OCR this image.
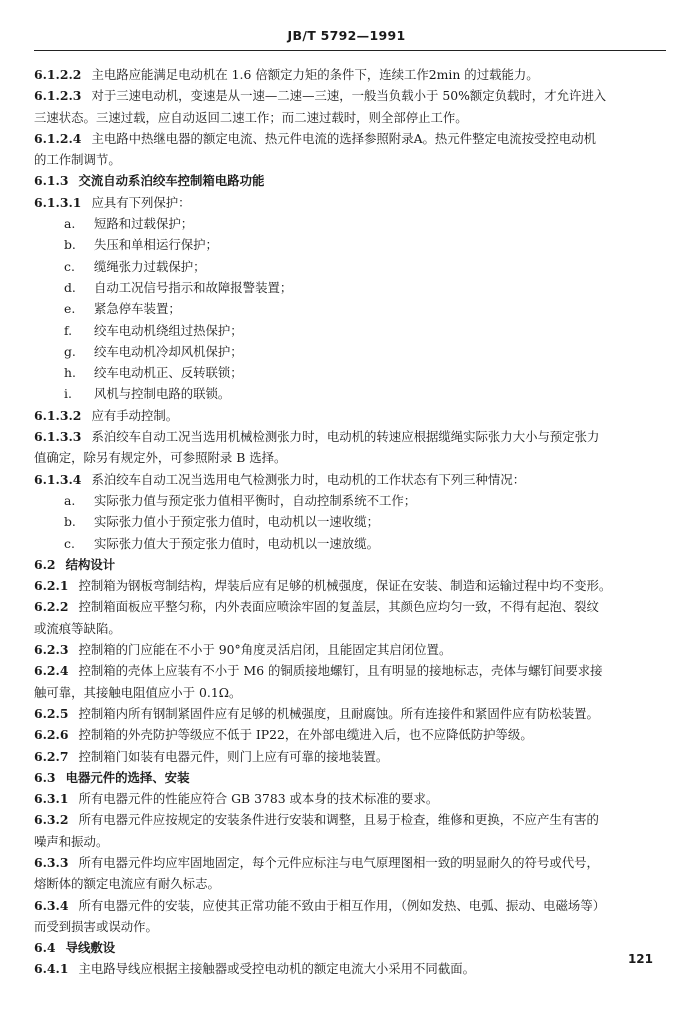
JB/T 5792—1991
6.1.2.2 主电路应能满足电动机在 1.6 倍额定力矩的条件下，连续工作2min 的过载能力。
6.1.2.3 对于三速电动机，变速是从一速—二速—三速，一般当负载小于 50%额定负载时，才允许进入
三速状态。三速过载，应自动返回二速工作；而二速过载时，则全部停止工作。
6.1.2.4 主电路中热继电器的额定电流、热元件电流的选择参照附录A。热元件整定电流按受控电动机
的工作制调节。
6.1.3 交流自动系泊绞车控制箱电路功能
6.1.3.1 应具有下列保护：
a. 短路和过载保护；
b. 失压和单相运行保护；
c. 缆绳张力过载保护；
d. 自动工况信号指示和故障报警装置；
e. 紧急停车装置；
f. 绞车电动机绕组过热保护；
g. 绞车电动机冷却风机保护；
h. 绞车电动机正、反转联锁；
i. 风机与控制电路的联锁。
6.1.3.2 应有手动控制。
6.1.3.3 系泊绞车自动工况当选用机械检测张力时，电动机的转速应根据缆绳实际张力大小与预定张力
值确定，除另有规定外，可参照附录 B 选择。
6.1.3.4 系泊绞车自动工况当选用电气检测张力时，电动机的工作状态有下列三种情况：
a. 实际张力值与预定张力值相平衡时，自动控制系统不工作；
b. 实际张力值小于预定张力值时，电动机以一速收缆；
c. 实际张力值大于预定张力值时，电动机以一速放缆。
6.2 结构设计
6.2.1 控制箱为钢板弯制结构，焊装后应有足够的机械强度，保证在安装、制造和运输过程中均不变形。
6.2.2 控制箱面板应平整匀称，内外表面应喷涂牢固的复盖层，其颜色应均匀一致，不得有起泡、裂纹
或流痕等缺陷。
6.2.3 控制箱的门应能在不小于 90°角度灵活启闭，且能固定其启闭位置。
6.2.4 控制箱的壳体上应装有不小于 M6 的铜质接地螺钉，且有明显的接地标志，壳体与螺钉间要求接
触可靠，其接触电阻值应小于 0.1Ω。
6.2.5 控制箱内所有钢制紧固件应有足够的机械强度，且耐腐蚀。所有连接件和紧固件应有防松装置。
6.2.6 控制箱的外壳防护等级应不低于 IP22，在外部电缆进入后，也不应降低防护等级。
6.2.7 控制箱门如装有电器元件，则门上应有可靠的接地装置。
6.3 电器元件的选择、安装
6.3.1 所有电器元件的性能应符合 GB 3783 或本身的技术标准的要求。
6.3.2 所有电器元件应按规定的安装条件进行安装和调整，且易于检查，维修和更换，不应产生有害的
噪声和振动。
6.3.3 所有电器元件均应牢固地固定，每个元件应标注与电气原理图相一致的明显耐久的符号或代号，
熔断体的额定电流应有耐久标志。
6.3.4 所有电器元件的安装，应使其正常功能不致由于相互作用，（例如发热、电弧、振动、电磁场等）
而受到损害或误动作。
6.4 导线敷设
6.4.1 主电路导线应根据主接触器或受控电动机的额定电流大小采用不同截面。
121
